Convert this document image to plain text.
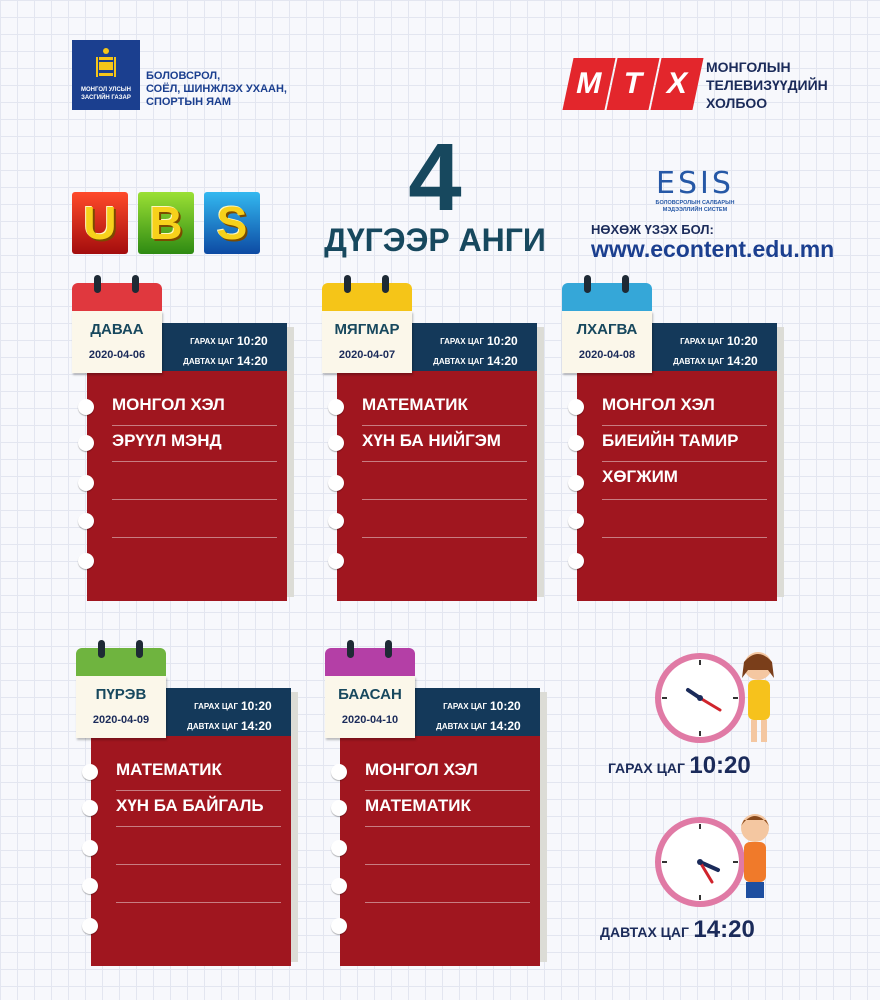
МОНГОЛ УЛСЫН
ЗАСГИЙН ГАЗАР
БОЛОВСРОЛ,
СОЁЛ, ШИНЖЛЭХ УХААН,
СПОРТЫН ЯАМ
М Т Х	МОНГОЛЫН
ТЕЛЕВИЗҮҮДИЙН
ХОЛБОО
U B S 4
ДҮГЭЭР АНГИ
ESIS
БОЛОВСРОЛЫН САЛБАРЫН
МЭДЭЭЛЛИЙН СИСТЕМ
НӨХӨЖ ҮЗЭХ БОЛ:
www.econtent.edu.mn
МОНГОЛ ХЭЛ
ЭРҮҮЛ МЭНД
ГАРАХ ЦАГ 10:20
ДАВТАХ ЦАГ 14:20
ДАВАА
2020-04-06
МАТЕМАТИК
ХҮН БА НИЙГЭМ
ГАРАХ ЦАГ 10:20
ДАВТАХ ЦАГ 14:20
МЯГМАР
2020-04-07
МОНГОЛ ХЭЛ
БИЕИЙН ТАМИР
ХӨГЖИМ
ГАРАХ ЦАГ 10:20
ДАВТАХ ЦАГ 14:20
ЛХАГВА
2020-04-08
МАТЕМАТИК
ХҮН БА БАЙГАЛЬ
ГАРАХ ЦАГ 10:20
ДАВТАХ ЦАГ 14:20
ПҮРЭВ
2020-04-09
МОНГОЛ ХЭЛ
МАТЕМАТИК
ГАРАХ ЦАГ 10:20
ДАВТАХ ЦАГ 14:20
БААСАН
2020-04-10
ГАРАХ ЦАГ 10:20
ДАВТАХ ЦАГ 14:20
